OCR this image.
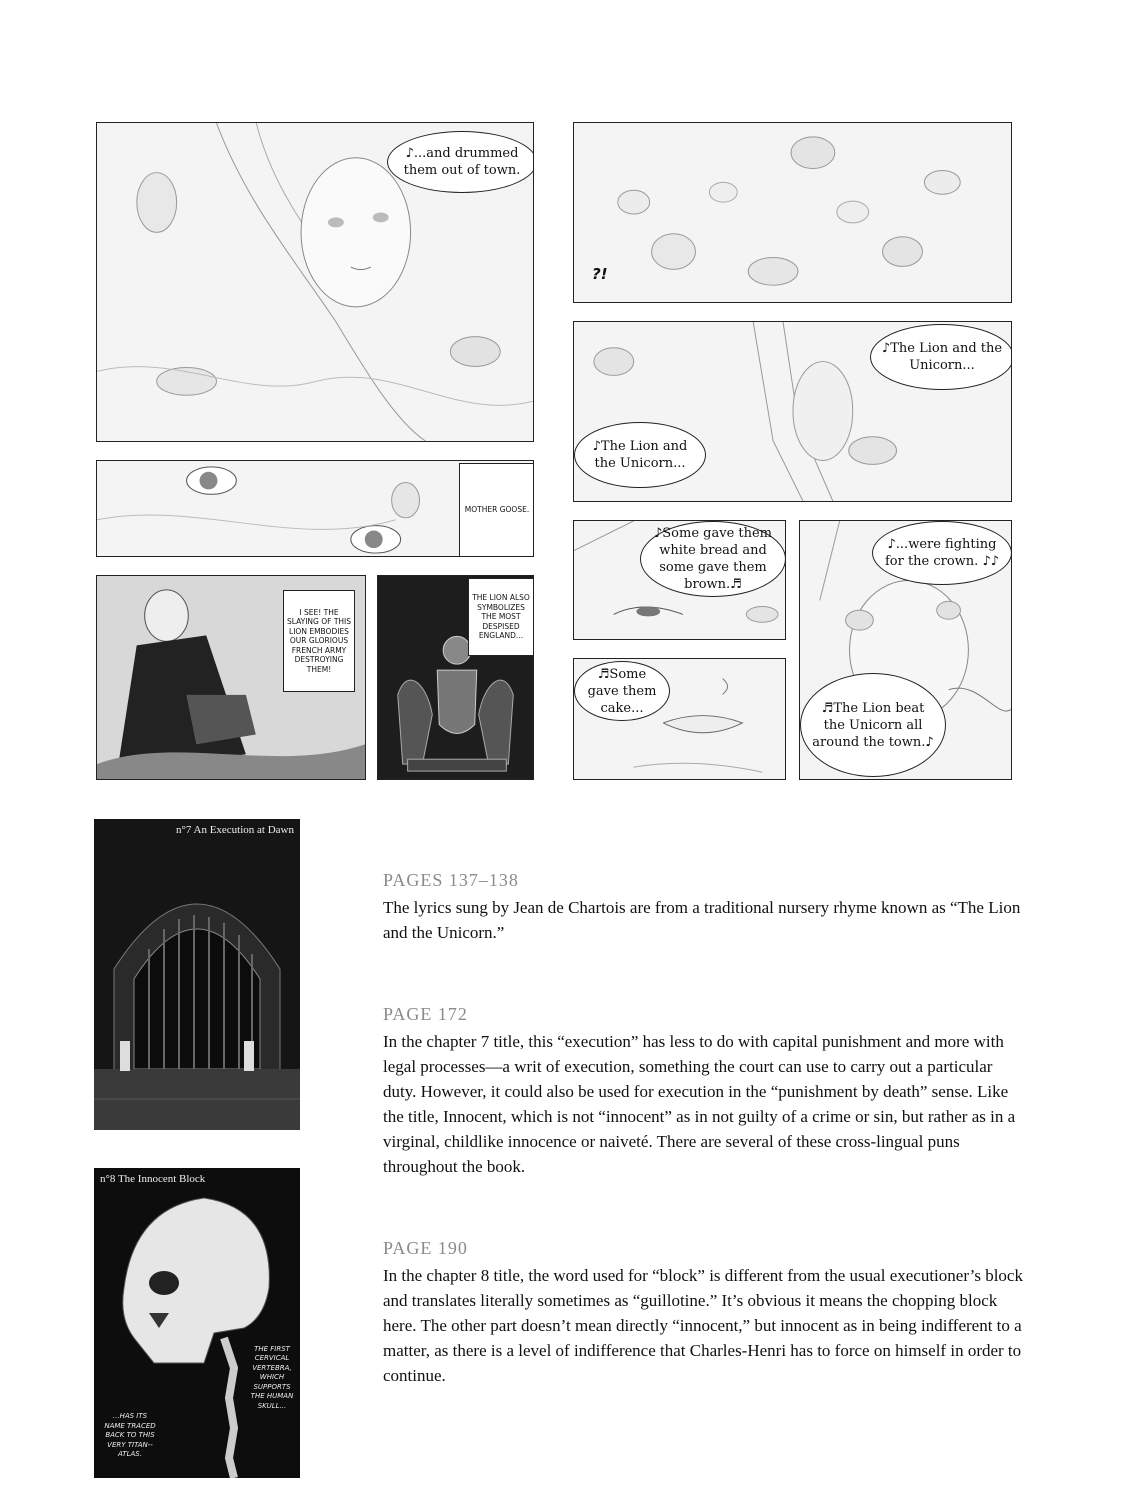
♪...and drummed them out of town.
?!
♪The Lion and the Unicorn...
♪The Lion and the Unicorn...
MOTHER GOOSE.
♪Some gave them white bread and some gave them brown.♬
♪...were fighting for the crown. ♪♪
♬The Lion beat the Unicorn all around the town.♪
I SEE! THE SLAYING OF THIS LION EMBODIES OUR GLORIOUS FRENCH ARMY DESTROYING THEM!
THE LION ALSO SYMBOLIZES THE MOST DESPISED ENGLAND...
♬Some gave them cake...
n°7 An Execution at Dawn
n°8 The Innocent Block
THE FIRST CERVICAL VERTEBRA, WHICH SUPPORTS THE HUMAN SKULL...
...HAS ITS NAME TRACED BACK TO THIS VERY TITAN-- ATLAS.
PAGES 137–138
The lyrics sung by Jean de Chartois are from a traditional nursery rhyme known as “The Lion and the Unicorn.”
PAGE 172
In the chapter 7 title, this “execution” has less to do with capital punishment and more with legal processes—a writ of execution, something the court can use to carry out a particular duty. However, it could also be used for execution in the “punishment by death” sense. Like the title, Innocent, which is not “innocent” as in not guilty of a crime or sin, but rather as in a virginal, childlike innocence or naiveté. There are several of these cross-lingual puns throughout the book.
PAGE 190
In the chapter 8 title, the word used for “block” is different from the usual executioner’s block and translates literally sometimes as “guillotine.” It’s obvious it means the chopping block here. The other part doesn’t mean directly “innocent,” but innocent as in being indifferent to a matter, as there is a level of indifference that Charles-Henri has to force on himself in order to continue.
